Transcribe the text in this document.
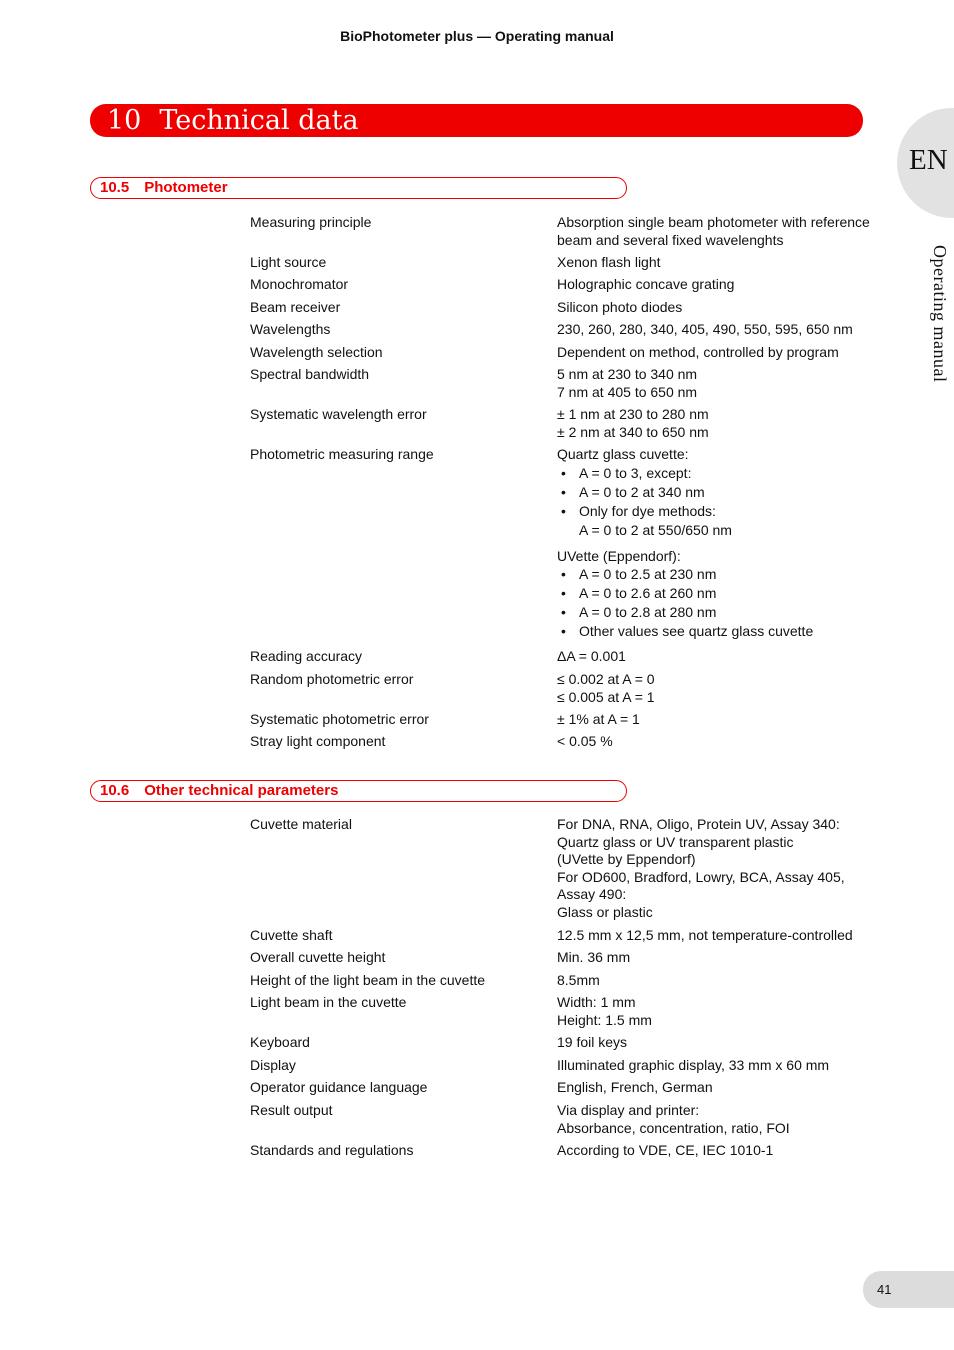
BioPhotometer plus — Operating manual
10 Technical data
EN
Operating manual
10.5 Photometer
Measuring principle	Absorption single beam photometer with reference
beam and several fixed wavelenghts
Light source	Xenon flash light
Monochromator	Holographic concave grating
Beam receiver	Silicon photo diodes
Wavelengths	230, 260, 280, 340, 405, 490, 550, 595, 650 nm
Wavelength selection	Dependent on method, controlled by program
Spectral bandwidth	5 nm at 230 to 340 nm
7 nm at 405 to 650 nm
Systematic wavelength error	± 1 nm at 230 to 280 nm
± 2 nm at 340 to 650 nm
Photometric measuring range	Quartz glass cuvette:
• A = 0 to 3, except:
• A = 0 to 2 at 340 nm
• Only for dye methods:
A = 0 to 2 at 550/650 nm
UVette (Eppendorf):
• A = 0 to 2.5 at 230 nm
• A = 0 to 2.6 at 260 nm
• A = 0 to 2.8 at 280 nm
• Other values see quartz glass cuvette
Reading accuracy	ΔA = 0.001
Random photometric error	≤ 0.002 at A = 0
≤ 0.005 at A = 1
Systematic photometric error	± 1% at A = 1
Stray light component	< 0.05 %
10.6 Other technical parameters
Cuvette material	For DNA, RNA, Oligo, Protein UV, Assay 340:
Quartz glass or UV transparent plastic
(UVette by Eppendorf)
For OD600, Bradford, Lowry, BCA, Assay 405,
Assay 490:
Glass or plastic
Cuvette shaft	12.5 mm x 12,5 mm, not temperature-controlled
Overall cuvette height	Min. 36 mm
Height of the light beam in the cuvette	8.5mm
Light beam in the cuvette	Width: 1 mm
Height: 1.5 mm
Keyboard	19 foil keys
Display	Illuminated graphic display, 33 mm x 60 mm
Operator guidance language	English, French, German
Result output	Via display and printer:
Absorbance, concentration, ratio, FOI
Standards and regulations	According to VDE, CE, IEC 1010-1
41
